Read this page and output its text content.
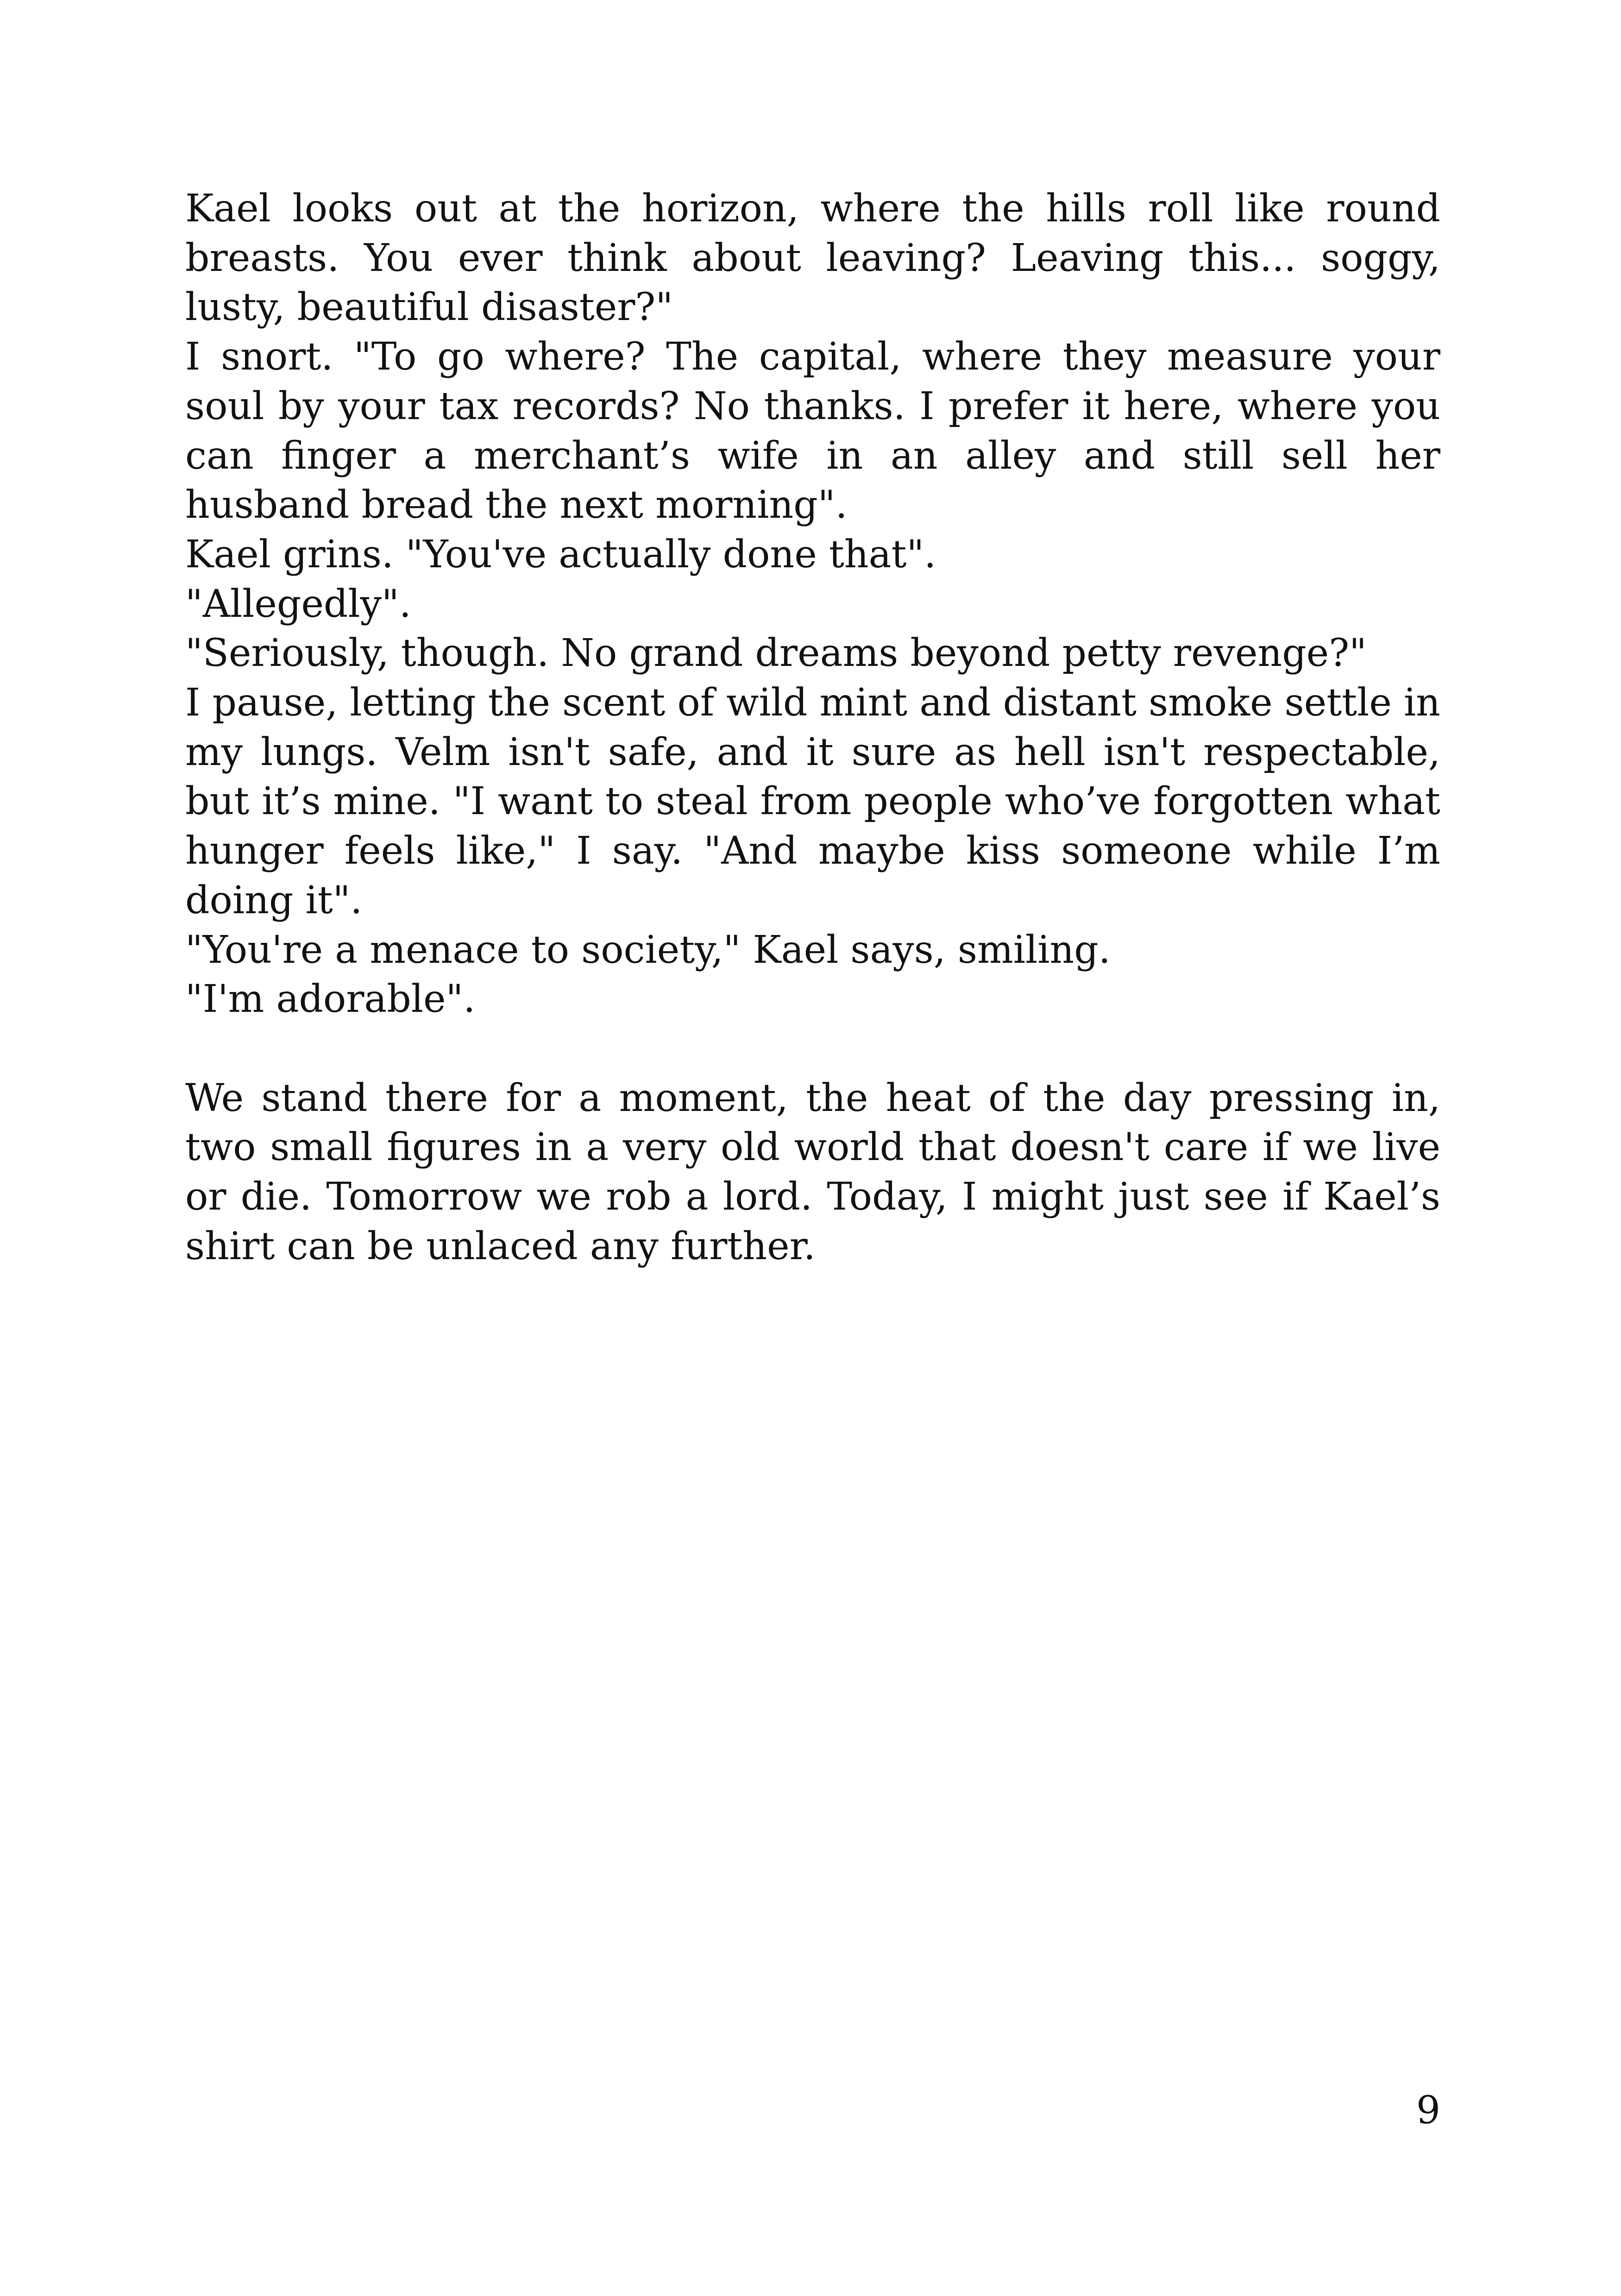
Kael looks out at the horizon, where the hills roll like round breasts. You ever think about leaving? Leaving this... soggy, lusty, beautiful disaster?"

I snort. "To go where? The capital, where they measure your soul by your tax records? No thanks. I prefer it here, where you can finger a merchant’s wife in an alley and still sell her husband bread the next morning".

Kael grins. "You've actually done that".

"Allegedly".

"Seriously, though. No grand dreams beyond petty revenge?"

I pause, letting the scent of wild mint and distant smoke settle in my lungs. Velm isn't safe, and it sure as hell isn't respectable, but it’s mine. "I want to steal from people who’ve forgotten what hunger feels like," I say. "And maybe kiss someone while I’m doing it".

"You're a menace to society," Kael says, smiling.

"I'm adorable".

We stand there for a moment, the heat of the day pressing in, two small figures in a very old world that doesn't care if we live or die. Tomorrow we rob a lord. Today, I might just see if Kael’s shirt can be unlaced any further.

9
